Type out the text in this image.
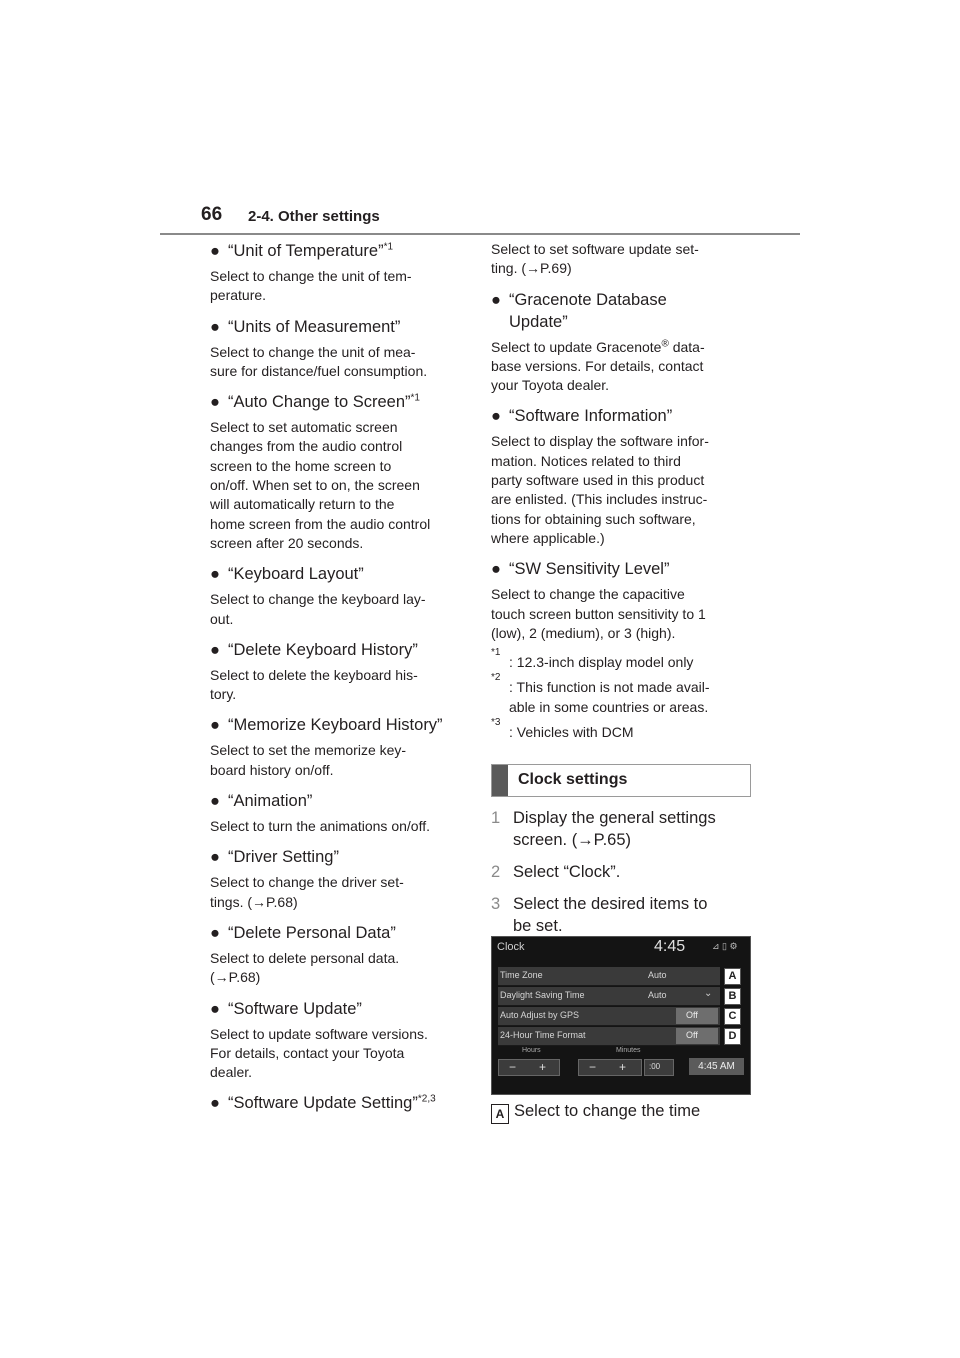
66 2-4. Other settings

● “Unit of Temperature”$^{*1}$

Select to change the unit of tem-
perature.

● “Units of Measurement”

Select to change the unit of mea-
sure for distance/fuel consumption.

● “Auto Change to Screen”$^{*1}$

Select to set automatic screen
changes from the audio control
screen to the home screen to
on/off. When set to on, the screen
will automatically return to the
home screen from the audio control
screen after 20 seconds.

● “Keyboard Layout”

Select to change the keyboard lay-
out.

● “Delete Keyboard History”

Select to delete the keyboard his-
tory.

● “Memorize Keyboard History”

Select to set the memorize key-
board history on/off.

● “Animation”

Select to turn the animations on/off.

● “Driver Setting”

Select to change the driver set-
tings. (→P.68)

● “Delete Personal Data”

Select to delete personal data.
(→P.68)

● “Software Update”

Select to update software versions.
For details, contact your Toyota
dealer.

● “Software Update Setting”$^{*2,3}$

Select to set software update set-
ting. (→P.69)

● “Gracenote Database
Update”

Select to update Gracenote® data-
base versions. For details, contact
your Toyota dealer.

● “Software Information”

Select to display the software infor-
mation. Notices related to third
party software used in this product
are enlisted. (This includes instruc-
tions for obtaining such software,
where applicable.)

● “SW Sensitivity Level”

Select to change the capacitive
touch screen button sensitivity to 1
(low), 2 (medium), or 3 (high).

*1
: 12.3-inch display model only

*2
: This function is not made avail-
able in some countries or areas.

*3
: Vehicles with DCM

Clock settings

1 Display the general settings
screen. (→P.65)

2 Select “Clock”.

3 Select the desired items to
be set.

Clock	4:45	⊿ ▯ ⚙
Time Zone	Auto	A
Daylight Saving Time	Auto	⌄	B
Auto Adjust by GPS	Off	C
24-Hour Time Format	Off	D
Hours	Minutes
− +	− +	:00	4:45 AM
A Select to change the time
